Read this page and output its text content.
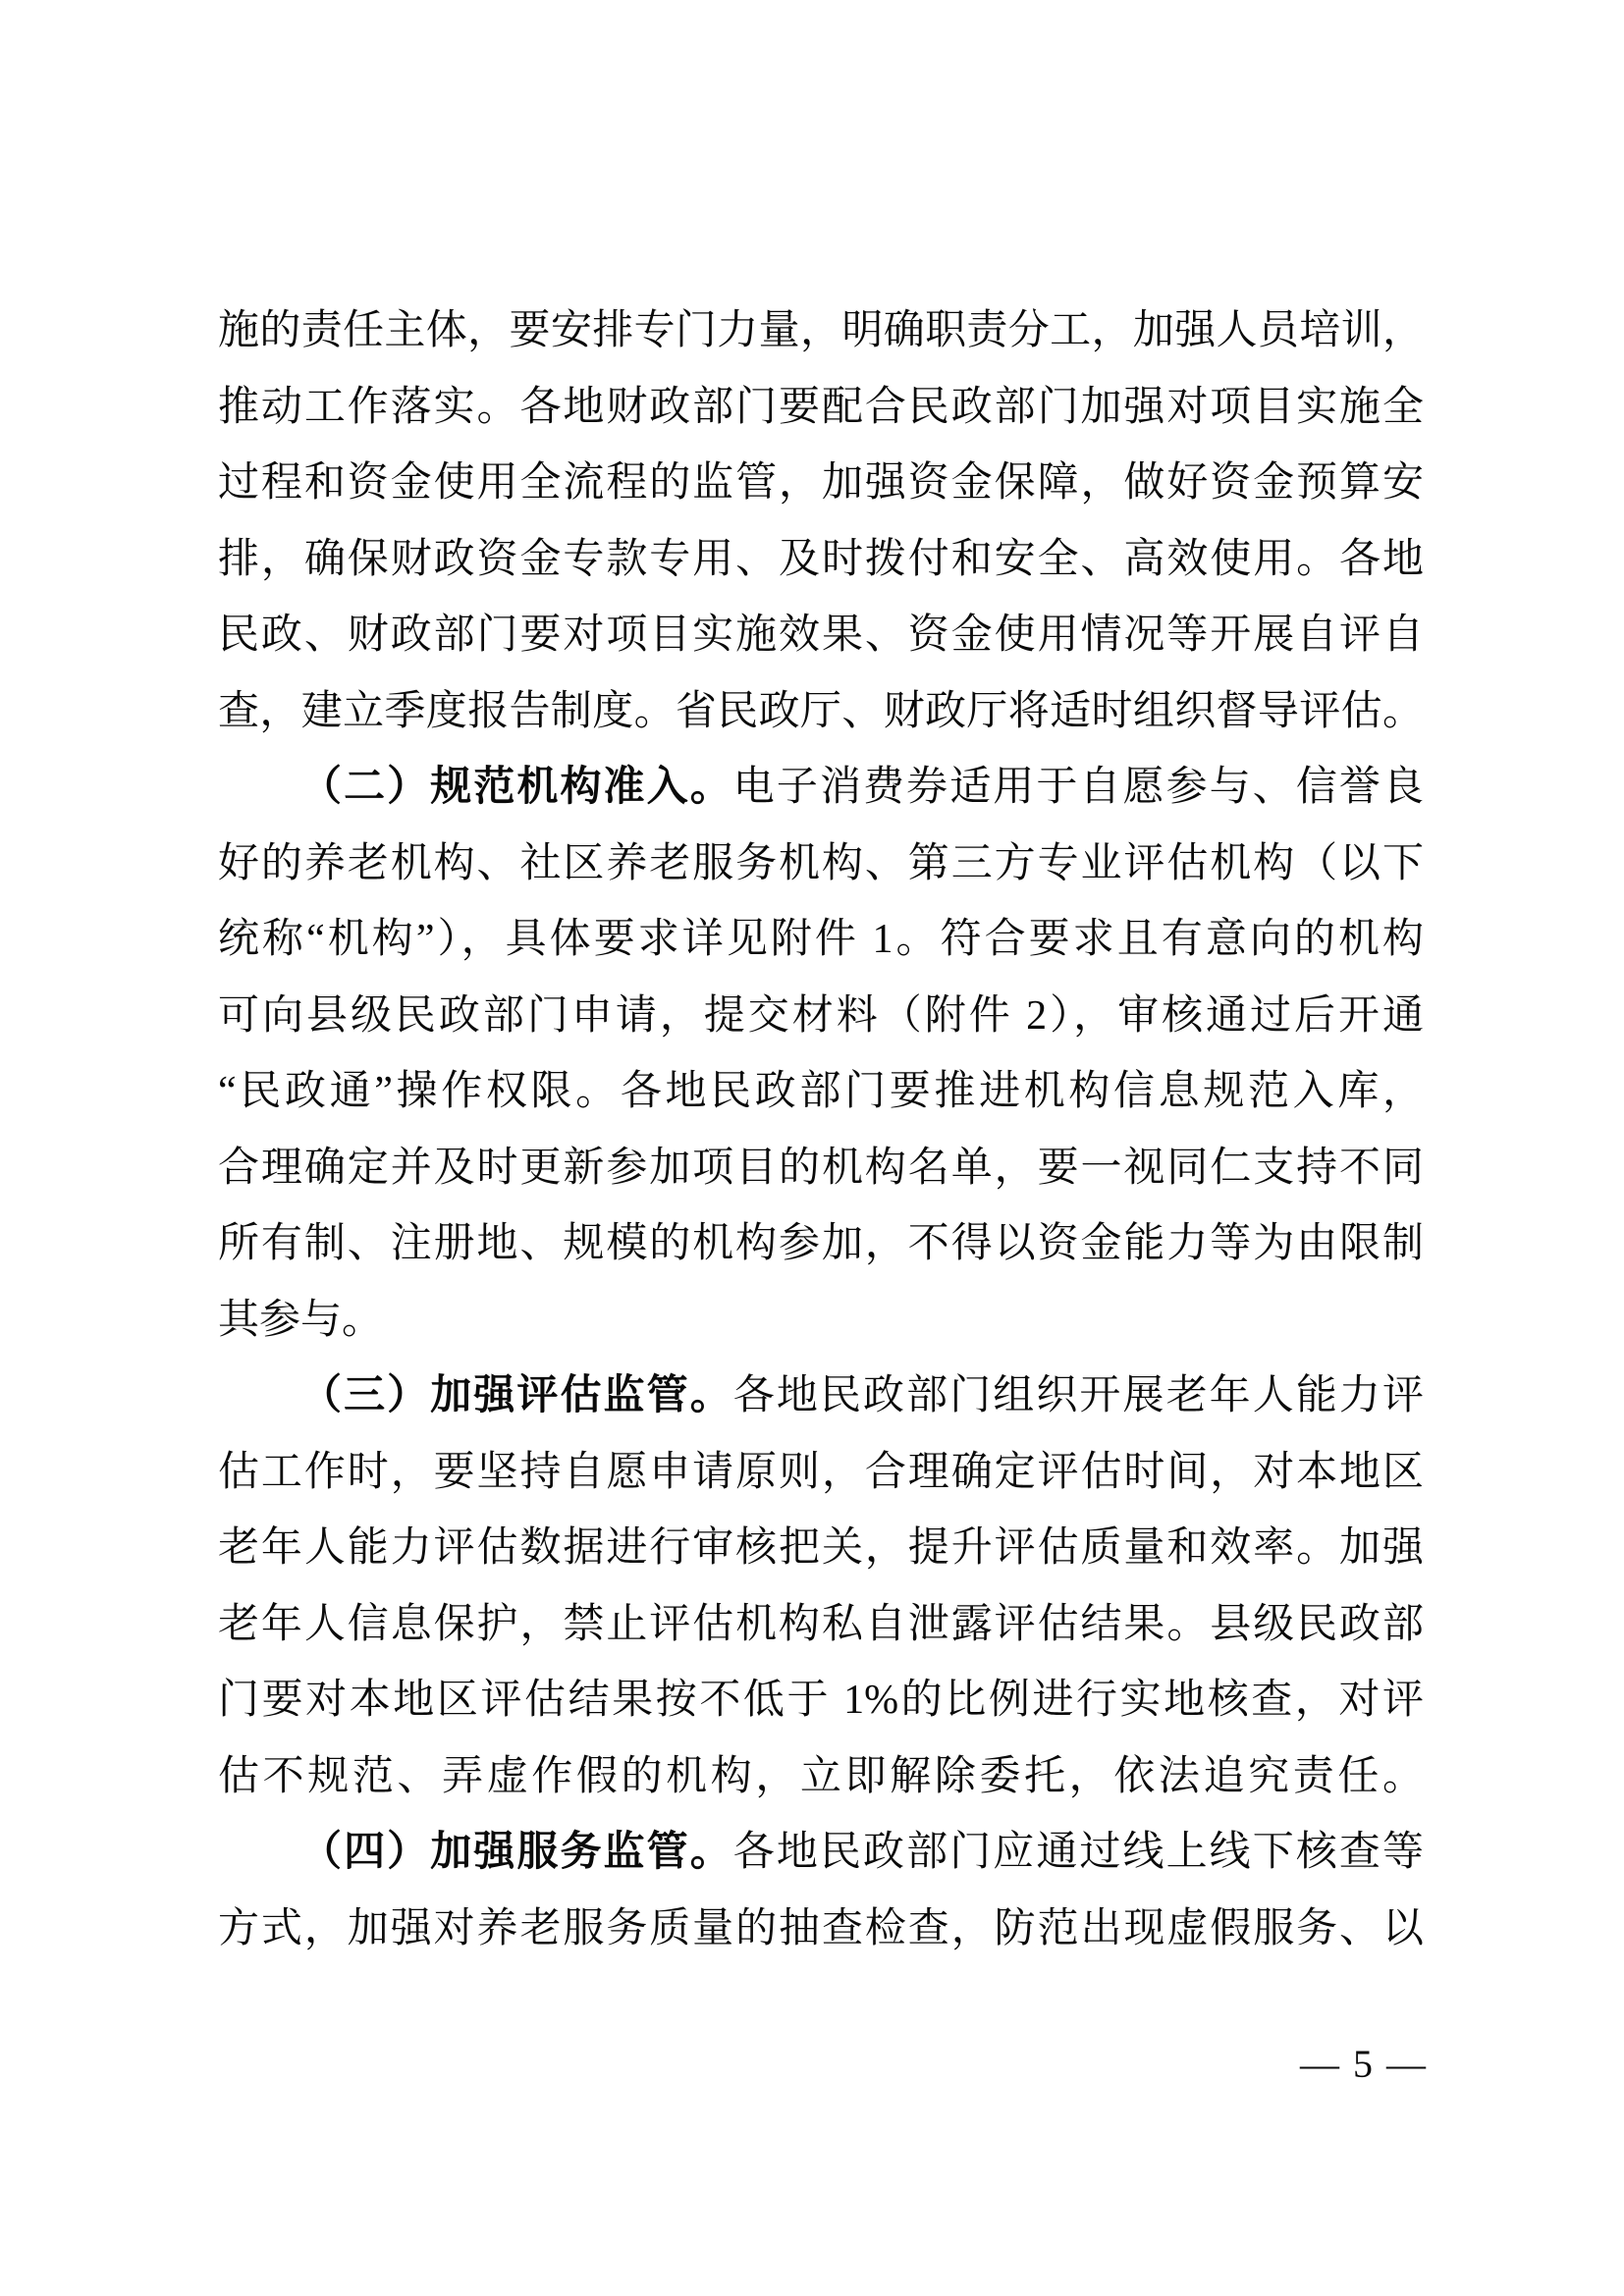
施的责任主体，要安排专门力量，明确职责分工，加强人员培训，
推动工作落实。各地财政部门要配合民政部门加强对项目实施全
过程和资金使用全流程的监管，加强资金保障，做好资金预算安
排，确保财政资金专款专用、及时拨付和安全、高效使用。各地
民政、财政部门要对项目实施效果、资金使用情况等开展自评自
查，建立季度报告制度。省民政厅、财政厅将适时组织督导评估。
（二）规范机构准入。电子消费券适用于自愿参与、信誉良
好的养老机构、社区养老服务机构、第三方专业评估机构（以下
统称“机构”），具体要求详见附件 1。符合要求且有意向的机构
可向县级民政部门申请，提交材料（附件 2），审核通过后开通
“民政通”操作权限。各地民政部门要推进机构信息规范入库，
合理确定并及时更新参加项目的机构名单，要一视同仁支持不同
所有制、注册地、规模的机构参加，不得以资金能力等为由限制
其参与。
（三）加强评估监管。各地民政部门组织开展老年人能力评
估工作时，要坚持自愿申请原则，合理确定评估时间，对本地区
老年人能力评估数据进行审核把关，提升评估质量和效率。加强
老年人信息保护，禁止评估机构私自泄露评估结果。县级民政部
门要对本地区评估结果按不低于 1%的比例进行实地核查，对评
估不规范、弄虚作假的机构，立即解除委托，依法追究责任。
（四）加强服务监管。各地民政部门应通过线上线下核查等
方式，加强对养老服务质量的抽查检查，防范出现虚假服务、以
— 5 —
